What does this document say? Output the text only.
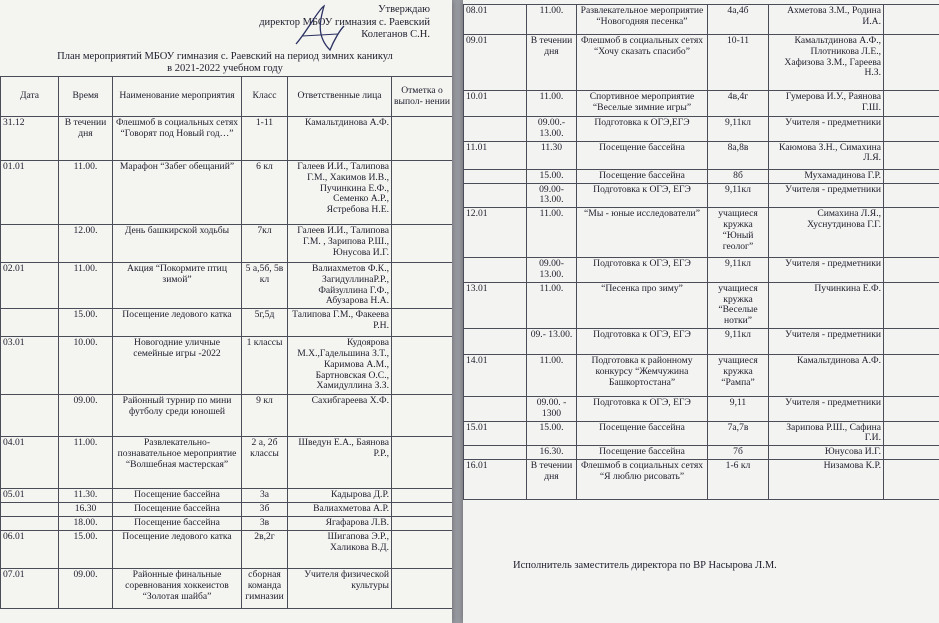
Утверждаю
директор МБОУ гимназия с. Раевский
Колеганов С.Н.
План мероприятий МБОУ гимназия с. Раевский на период зимних каникул
в 2021-2022 учебном году
Дата	Время	Наименование мероприятия	Класс	Ответственные лица	Отметка о выпол- нении
31.12	В течении дня	Флешмоб в социальных сетях “Говорят под Новый год…”	1-11	Камальтдинова А.Ф.	
01.01	11.00.	Марафон “Забег обещаний”	6 кл	Галеев И.И., Талипова Г.М., Хакимов И.В., Пучинкина Е.Ф., Семенко А.Р., Ястребова Н.Е.	
	12.00.	День башкирской ходьбы	7кл	Галеев И.И., Талипова Г.М. , Зарипова Р.Ш., Юнусова И.Г.	
02.01	11.00.	Акция “Покормите птиц зимой”	5 а,5б, 5в кл	Валиахметов Ф.К., ЗагидуллинаР.Р., Файзуллина Г.Ф., Абузарова Н.А.	
	15.00.	Посещение ледового катка	5г,5д	Талипова Г.М., Факеева Р.Н.	
03.01	10.00.	Новогодние уличные семейные игры -2022	1 классы	Кудоярова М.Х.,Гадельшина З.Т., Каримова А.М., Бартновская О.С., Хамидуллина З.З.	
	09.00.	Районный турнир по мини футболу среди юношей	9 кл	Сахибгареева Х.Ф.	
04.01	11.00.	Развлекательно-познавательное мероприятие “Волшебная мастерская”	2 а, 2б классы	Шведун Е.А., Баянова Р.Р.,	
05.01	11.30.	Посещение бассейна	3а	Кадырова Д.Р.	
	16.30	Посещение бассейна	3б	Валиахметова А.Р.	
	18.00.	Посещение бассейна	3в	Ягафарова Л.В.	
06.01	15.00.	Посещение ледового катка	2в,2г	Шигапова Э.Р., Халикова В.Д.	
07.01	09.00.	Районные финальные соревнования хоккеистов “Золотая шайба”	сборная команда гимназии	Учителя физической культуры	
08.01	11.00.	Развлекательное мероприятие “Новогодняя песенка”	4а,4б	Ахметова З.М., Родина И.А.	
09.01	В течении дня	Флешмоб в социальных сетях “Хочу сказать спасибо”	10-11	Камальтдинова А.Ф., Плотникова Л.Е., Хафизова З.М., Гареева Н.З.	
10.01	11.00.	Спортивное мероприятие “Веселые зимние игры”	4в,4г	Гумерова И.У., Раянова Г.Ш.	
	09.00.- 13.00.	Подготовка к ОГЭ,ЕГЭ	9,11кл	Учителя - предметники	
11.01	11.30	Посещение бассейна	8а,8в	Каюмова З.Н., Симахина Л.Я.	
	15.00.	Посещение бассейна	8б	Мухамадинова Г.Р.	
	09.00- 13.00.	Подготовка к ОГЭ, ЕГЭ	9,11кл	Учителя - предметники	
12.01	11.00.	“Мы - юные исследователи”	учащиеся кружка “Юный геолог”	Симахина Л.Я., Хуснутдинова Г.Г.	
	09.00- 13.00.	Подготовка к ОГЭ, ЕГЭ	9,11кл	Учителя - предметники	
13.01	11.00.	“Песенка про зиму”	учащиеся кружка “Веселые нотки”	Пучинкина Е.Ф.	
	09.- 13.00.	Подготовка к ОГЭ, ЕГЭ	9,11кл	Учителя - предметники	
14.01	11.00.	Подготовка к районному конкурсу “Жемчужина Башкортостана”	учащиеся кружка “Рампа”	Камальтдинова А.Ф.	
	09.00. - 1300	Подготовка к ОГЭ, ЕГЭ	9,11	Учителя - предметники	
15.01	15.00.	Посещение бассейна	7а,7в	Зарипова Р.Ш., Сафина Г.И.	
	16.30.	Посещение бассейна	7б	Юнусова И.Г.	
16.01	В течении дня	Флешмоб в социальных сетях “Я люблю рисовать”	1-6 кл	Низамова К.Р.	
Исполнитель заместитель директора по ВР Насырова Л.М.
